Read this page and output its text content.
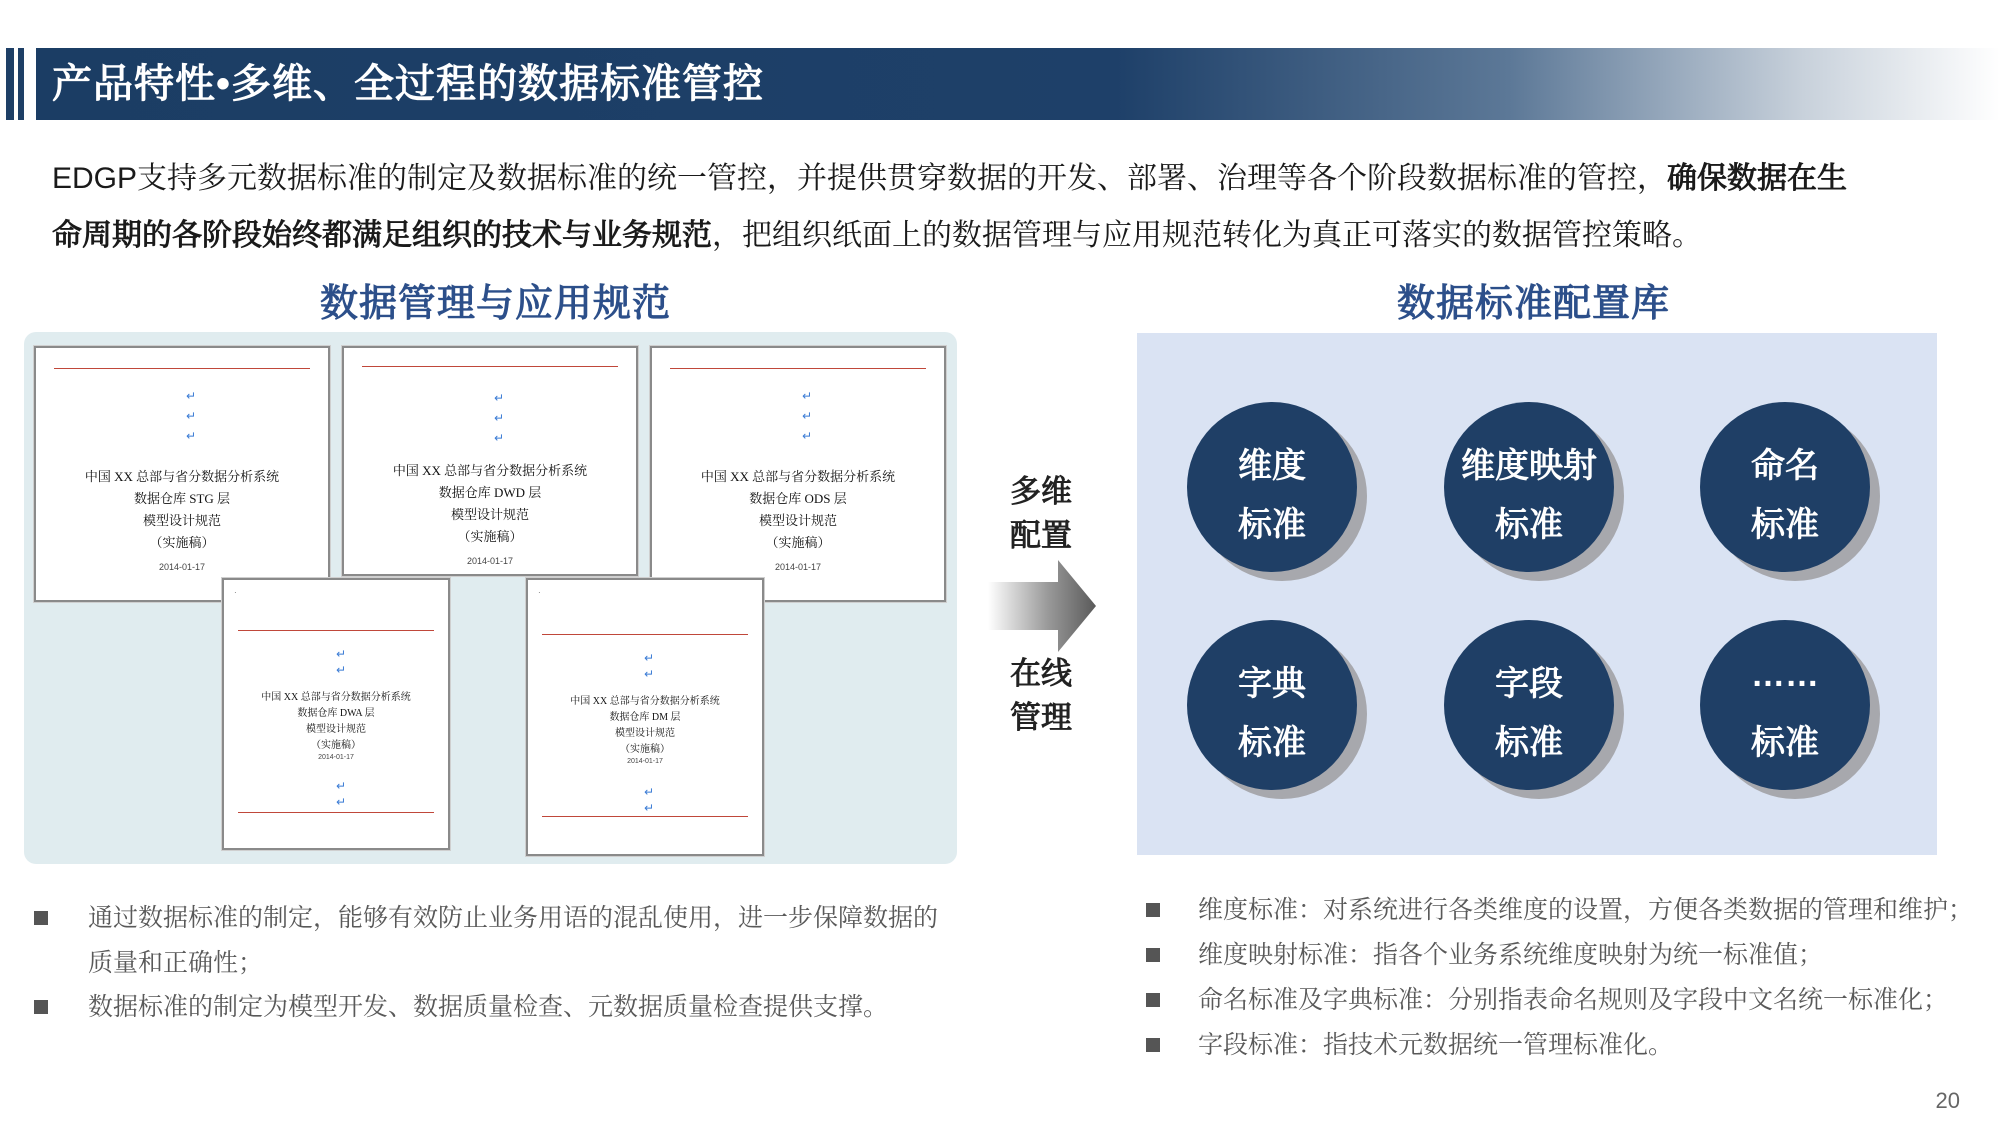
产品特性•多维、全过程的数据标准管控
EDGP支持多元数据标准的制定及数据标准的统一管控，并提供贯穿数据的开发、部署、治理等各个阶段数据标准的管控，确保数据在生
命周期的各阶段始终都满足组织的技术与业务规范，把组织纸面上的数据管理与应用规范转化为真正可落实的数据管控策略。
数据管理与应用规范	数据标准配置库
↵
↵
↵
中国 XX 总部与省分数据分析系统
数据仓库 STG 层
模型设计规范
（实施稿）
2014-01-17
↵
↵
↵
中国 XX 总部与省分数据分析系统
数据仓库 DWD 层
模型设计规范
（实施稿）
2014-01-17
↵
↵
↵
中国 XX 总部与省分数据分析系统
数据仓库 ODS 层
模型设计规范
（实施稿）
2014-01-17
·
↵
↵
中国 XX 总部与省分数据分析系统
数据仓库 DWA 层
模型设计规范
（实施稿）
2014-01-17
↵
↵
·
↵
↵
中国 XX 总部与省分数据分析系统
数据仓库 DM 层
模型设计规范
（实施稿）
2014-01-17
↵
↵
多维
配置
在线
管理
维度
标准
维度映射
标准
命名
标准
字典
标准
字段
标准
……
标准
通过数据标准的制定，能够有效防止业务用语的混乱使用，进一步保障数据的
质量和正确性；
数据标准的制定为模型开发、数据质量检查、元数据质量检查提供支撑。
维度标准：对系统进行各类维度的设置，方便各类数据的管理和维护；
维度映射标准：指各个业务系统维度映射为统一标准值；
命名标准及字典标准：分别指表命名规则及字段中文名统一标准化；
字段标准：指技术元数据统一管理标准化。
20
